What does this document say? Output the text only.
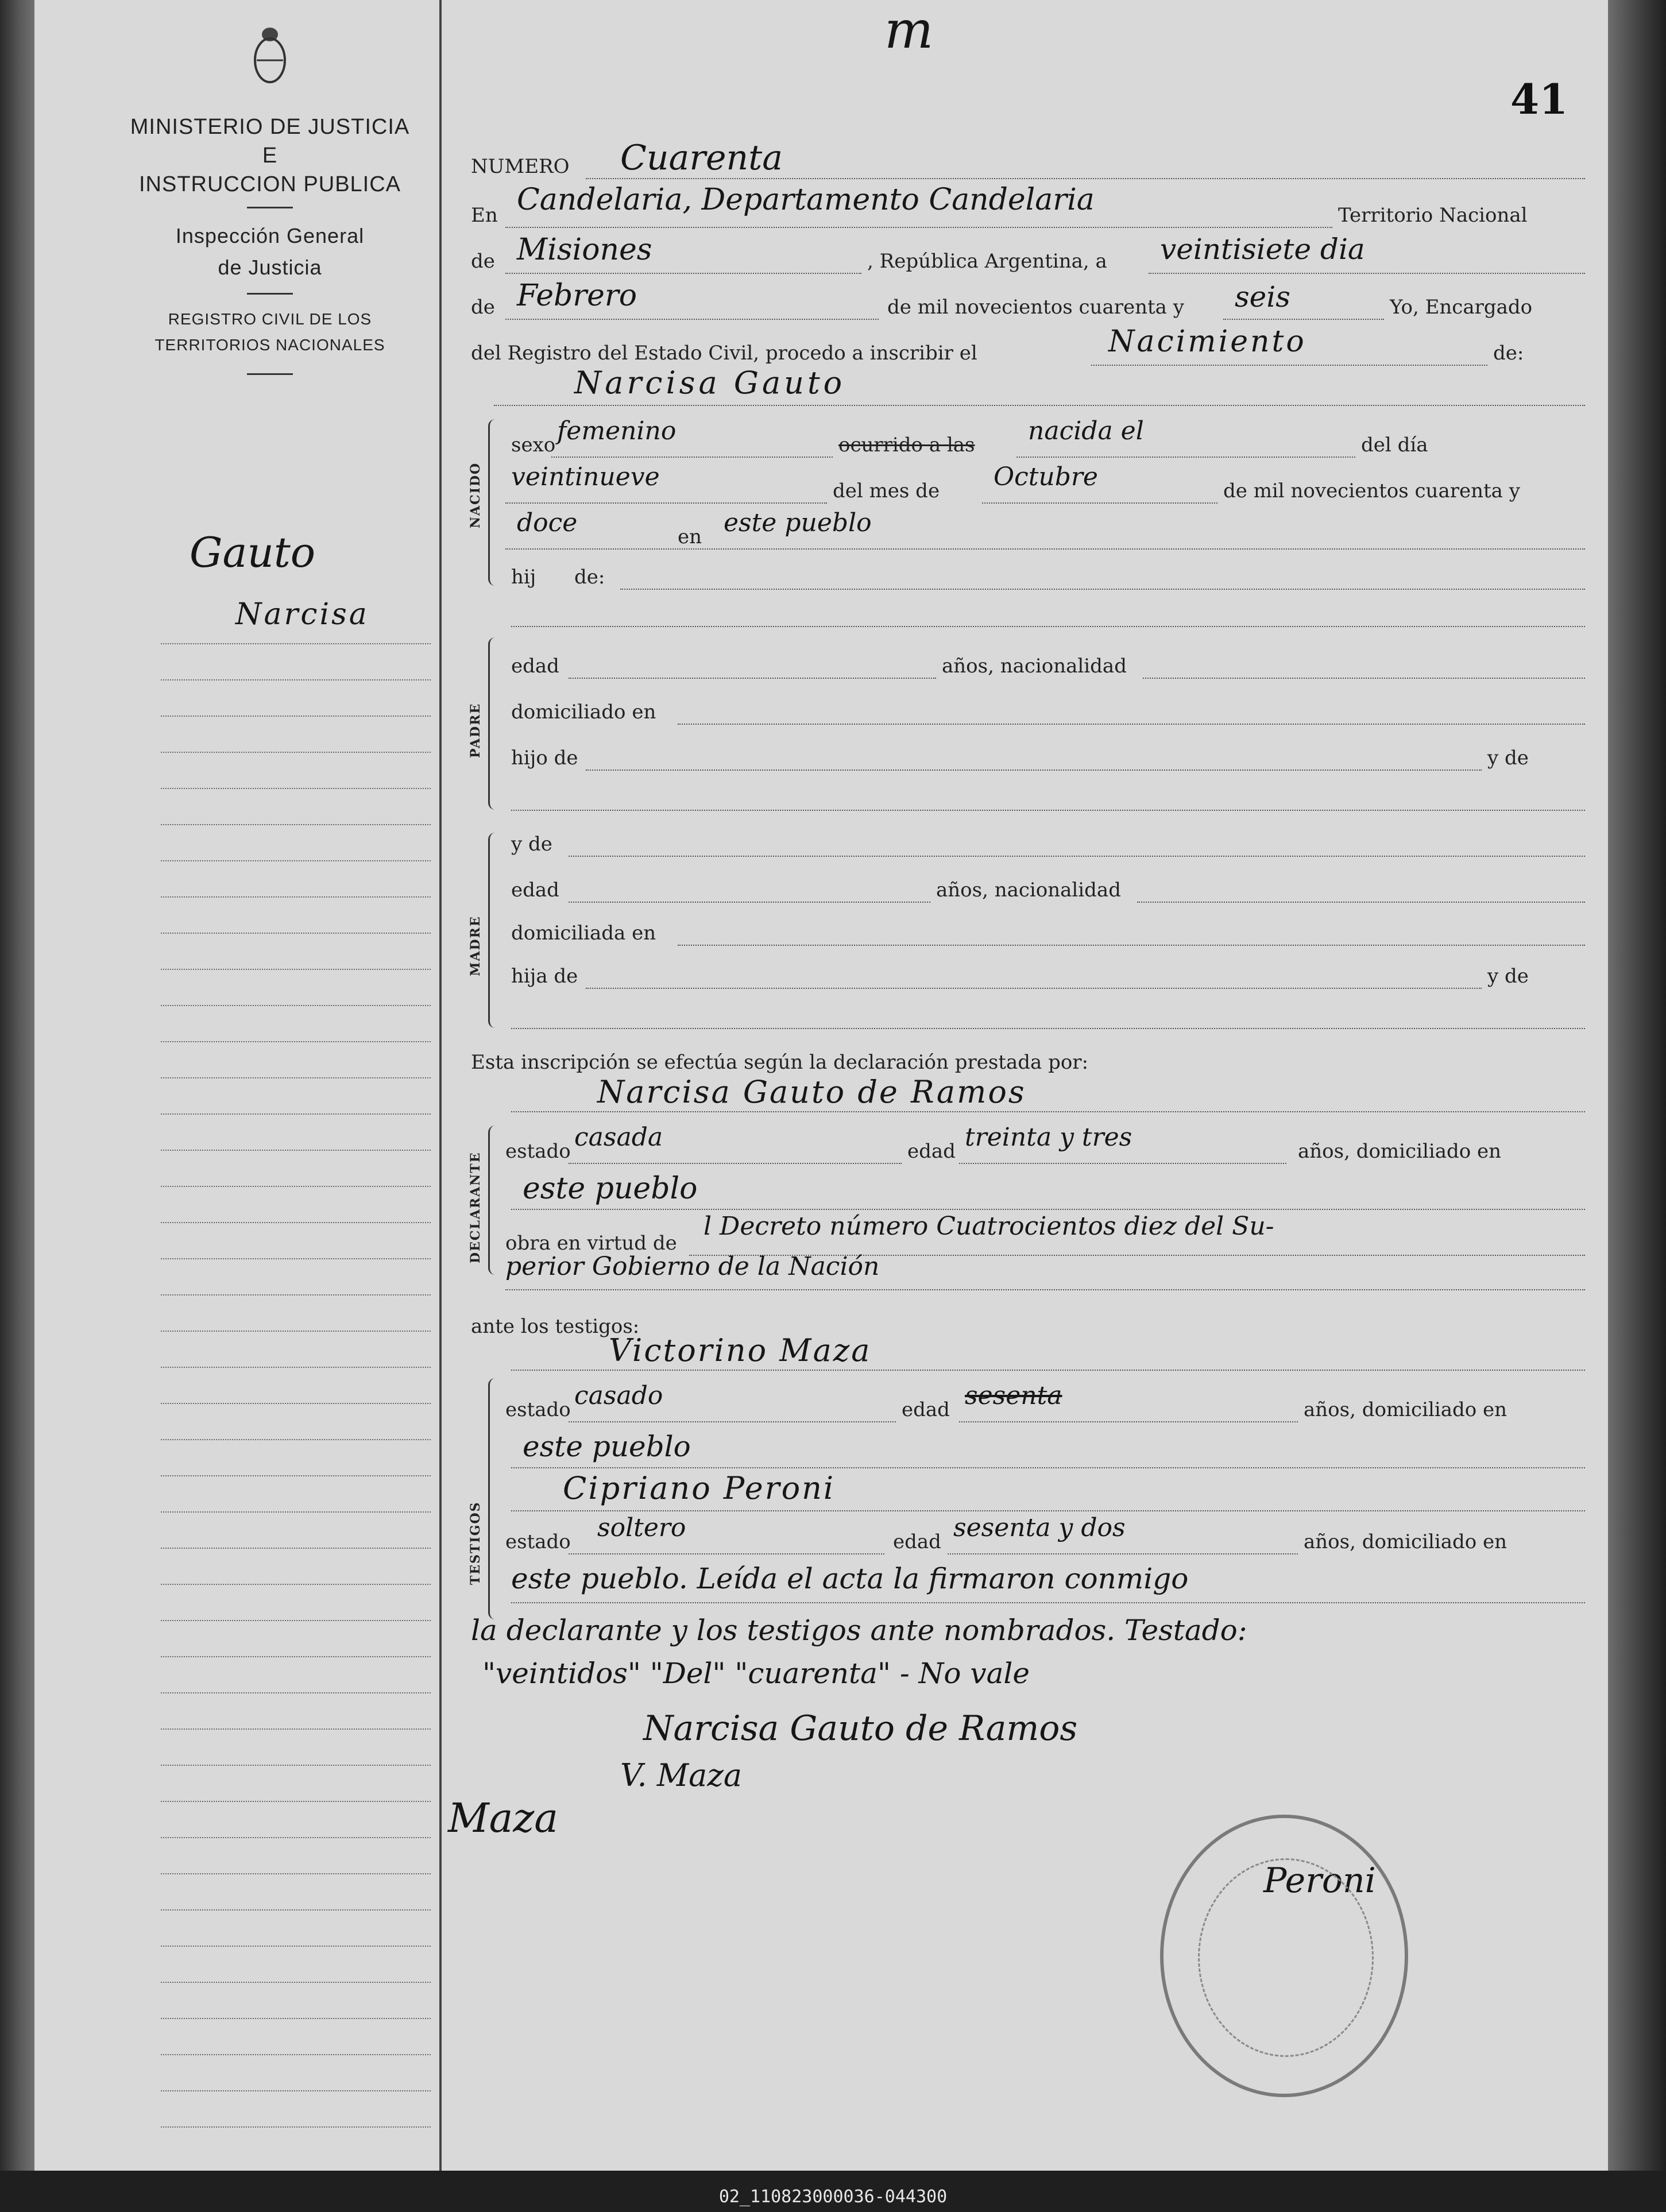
MINISTERIO DE JUSTICIA
E
INSTRUCCION PUBLICA
Inspección General
de Justicia
REGISTRO CIVIL DE LOS
TERRITORIOS NACIONALES
Gauto
Narcisa
m
41
NUMERO Cuarenta
En Candelaria, Departamento Candelaria	Territorio Nacional
de Misiones	, República Argentina, a veintisiete dia
de Febrero	de mil novecientos cuarenta y seis	Yo, Encargado
del Registro del Estado Civil, procedo a inscribir el	Nacimiento	de:
Narcisa Gauto
NACIDO
sexo femenino	ocurrido a las nacida el	del día
veintinueve	del mes de Octubre	de mil novecientos cuarenta y
doce	en este pueblo
hij de:
PADRE
edad	años, nacionalidad
domiciliado en
hijo de	y de
MADRE
y de
edad	años, nacionalidad
domiciliada en
hija de	y de
Esta inscripción se efectúa según la declaración prestada por:
Narcisa Gauto de Ramos
DECLARANTE
estado casada	edad treinta y tres	años, domiciliado en
este pueblo
obra en virtud de
l Decreto número Cuatrocientos diez del Su-
perior Gobierno de la Nación
ante los testigos:
Victorino Maza
TESTIGOS
estado casado	edad sesenta	años, domiciliado en
este pueblo
Cipriano Peroni
estado soltero	edad sesenta y dos	años, domiciliado en
este pueblo. Leída el acta la firmaron conmigo
la declarante y los testigos ante nombrados. Testado:
"veintidos" "Del" "cuarenta" - No vale
Narcisa Gauto de Ramos
V. Maza
Maza
Peroni
02_110823000036-044300
